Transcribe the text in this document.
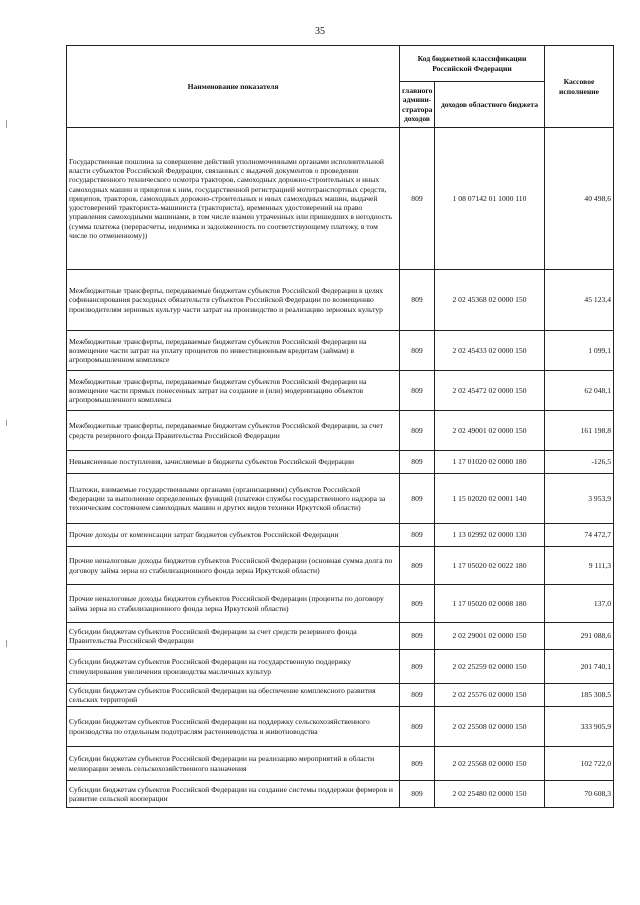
35
Наименование показателя	Код бюджетной классификации Российской Федерации		Кассовое исполнение
	главного админи-стратора доходов	доходов областного бюджета	
Государственная пошлина за совершение действий уполномоченными органами исполнительной власти субъектов Российской Федерации, связанных с выдачей документов о проведении государственного технического осмотра тракторов, самоходных дорожно-строительных и иных самоходных машин и прицепов к ним, государственной регистрацией мототранспортных средств, прицепов, тракторов, самоходных дорожно-строительных и иных самоходных машин, выдачей удостоверений тракториста-машиниста (тракториста), временных удостоверений на право управления самоходными машинами, в том числе взамен утраченных или пришедших в негодность (сумма платежа (перерасчеты, недоимка и задолженность по соответствующему платежу, в том числе по отмененному))	809	1 08 07142 01 1000 110	40 498,6
Межбюджетные трансферты, передаваемые бюджетам субъектов Российской Федерации в целях софинансирования расходных обязательств субъектов Российской Федерации по возмещению производителям зерновых культур части затрат на производство и реализацию зерновых культур	809	2 02 45368 02 0000 150	45 123,4
Межбюджетные трансферты, передаваемые бюджетам субъектов Российской Федерации на возмещение части затрат на уплату процентов по инвестиционным кредитам (займам) в агропромышленном комплексе	809	2 02 45433 02 0000 150	1 099,1
Межбюджетные трансферты, передаваемые бюджетам субъектов Российской Федерации на возмещение части прямых понесенных затрат на создание и (или) модернизацию объектов агропромышленного комплекса	809	2 02 45472 02 0000 150	62 048,1
Межбюджетные трансферты, передаваемые бюджетам субъектов Российской Федерации, за счет средств резервного фонда Правительства Российской Федерации	809	2 02 49001 02 0000 150	161 198,8
Невыясненные поступления, зачисляемые в бюджеты субъектов Российской Федерации	809	1 17 01020 02 0000 180	-126,5
Платежи, взимаемые государственными органами (организациями) субъектов Российской Федерации за выполнение определенных функций (платежи службы государственного надзора за техническим состоянием самоходных машин и других видов техники Иркутской области)	809	1 15 02020 02 0001 140	3 953,9
Прочие доходы от компенсации затрат бюджетов субъектов Российской Федерации	809	1 13 02992 02 0000 130	74 472,7
Прочие неналоговые доходы бюджетов субъектов Российской Федерации (основная сумма долга по договору займа зерна из стабилизационного фонда зерна Иркутской области)	809	1 17 05020 02 0022 180	9 111,3
Прочие неналоговые доходы бюджетов субъектов Российской Федерации (проценты по договору займа зерна из стабилизационного фонда зерна Иркутской области)	809	1 17 05020 02 0008 180	137,0
Субсидии бюджетам субъектов Российской Федерации за счет средств резервного фонда Правительства Российской Федерации	809	2 02 29001 02 0000 150	291 088,6
Субсидии бюджетам субъектов Российской Федерации на государственную поддержку стимулирования увеличения производства масличных культур	809	2 02 25259 02 0000 150	201 740,1
Субсидии бюджетам субъектов Российской Федерации на обеспечение комплексного развития сельских территорий	809	2 02 25576 02 0000 150	185 308,5
Субсидии бюджетам субъектов Российской Федерации на поддержку сельскохозяйственного производства по отдельным подотраслям растениеводства и животноводства	809	2 02 25508 02 0000 150	333 905,9
Субсидии бюджетам субъектов Российской Федерации на реализацию мероприятий в области мелиорации земель сельскохозяйственного назначения	809	2 02 25568 02 0000 150	102 722,0
Субсидии бюджетам субъектов Российской Федерации на создание системы поддержки фермеров и развитие сельской кооперации	809	2 02 25480 02 0000 150	70 608,3
